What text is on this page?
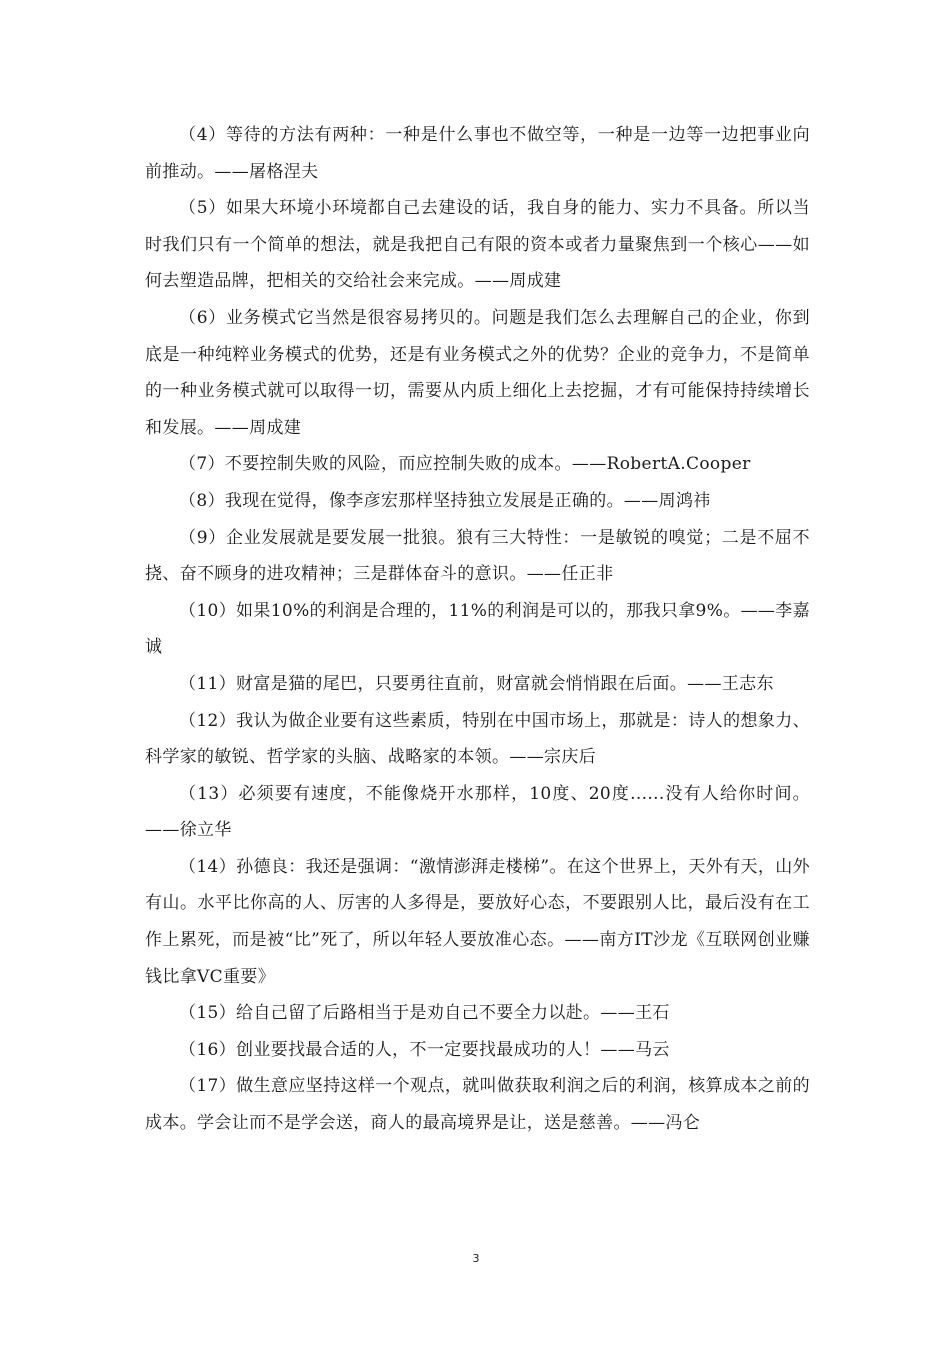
（4）等待的方法有两种：一种是什么事也不做空等，一种是一边等一边把事业向前推动。——屠格涅夫

（5）如果大环境小环境都自己去建设的话，我自身的能力、实力不具备。所以当时我们只有一个简单的想法，就是我把自己有限的资本或者力量聚焦到一个核心——如何去塑造品牌，把相关的交给社会来完成。——周成建

（6）业务模式它当然是很容易拷贝的。问题是我们怎么去理解自己的企业，你到底是一种纯粹业务模式的优势，还是有业务模式之外的优势？企业的竞争力，不是简单的一种业务模式就可以取得一切，需要从内质上细化上去挖掘，才有可能保持持续增长和发展。——周成建

（7）不要控制失败的风险，而应控制失败的成本。——RobertA.Cooper

（8）我现在觉得，像李彦宏那样坚持独立发展是正确的。——周鸿祎

（9）企业发展就是要发展一批狼。狼有三大特性：一是敏锐的嗅觉；二是不屈不挠、奋不顾身的进攻精神；三是群体奋斗的意识。——任正非

（10）如果10%的利润是合理的，11%的利润是可以的，那我只拿9%。——李嘉诚

（11）财富是猫的尾巴，只要勇往直前，财富就会悄悄跟在后面。——王志东

（12）我认为做企业要有这些素质，特别在中国市场上，那就是：诗人的想象力、科学家的敏锐、哲学家的头脑、战略家的本领。——宗庆后

（13）必须要有速度，不能像烧开水那样，10度、20度......没有人给你时间。——徐立华

（14）孙德良：我还是强调：“激情澎湃走楼梯”。在这个世界上，天外有天，山外有山。水平比你高的人、厉害的人多得是，要放好心态，不要跟别人比，最后没有在工作上累死，而是被“比”死了，所以年轻人要放准心态。——南方IT沙龙《互联网创业赚钱比拿VC重要》

（15）给自己留了后路相当于是劝自己不要全力以赴。——王石

（16）创业要找最合适的人，不一定要找最成功的人！——马云

（17）做生意应坚持这样一个观点，就叫做获取利润之后的利润，核算成本之前的成本。学会让而不是学会送，商人的最高境界是让，送是慈善。——冯仑

3
